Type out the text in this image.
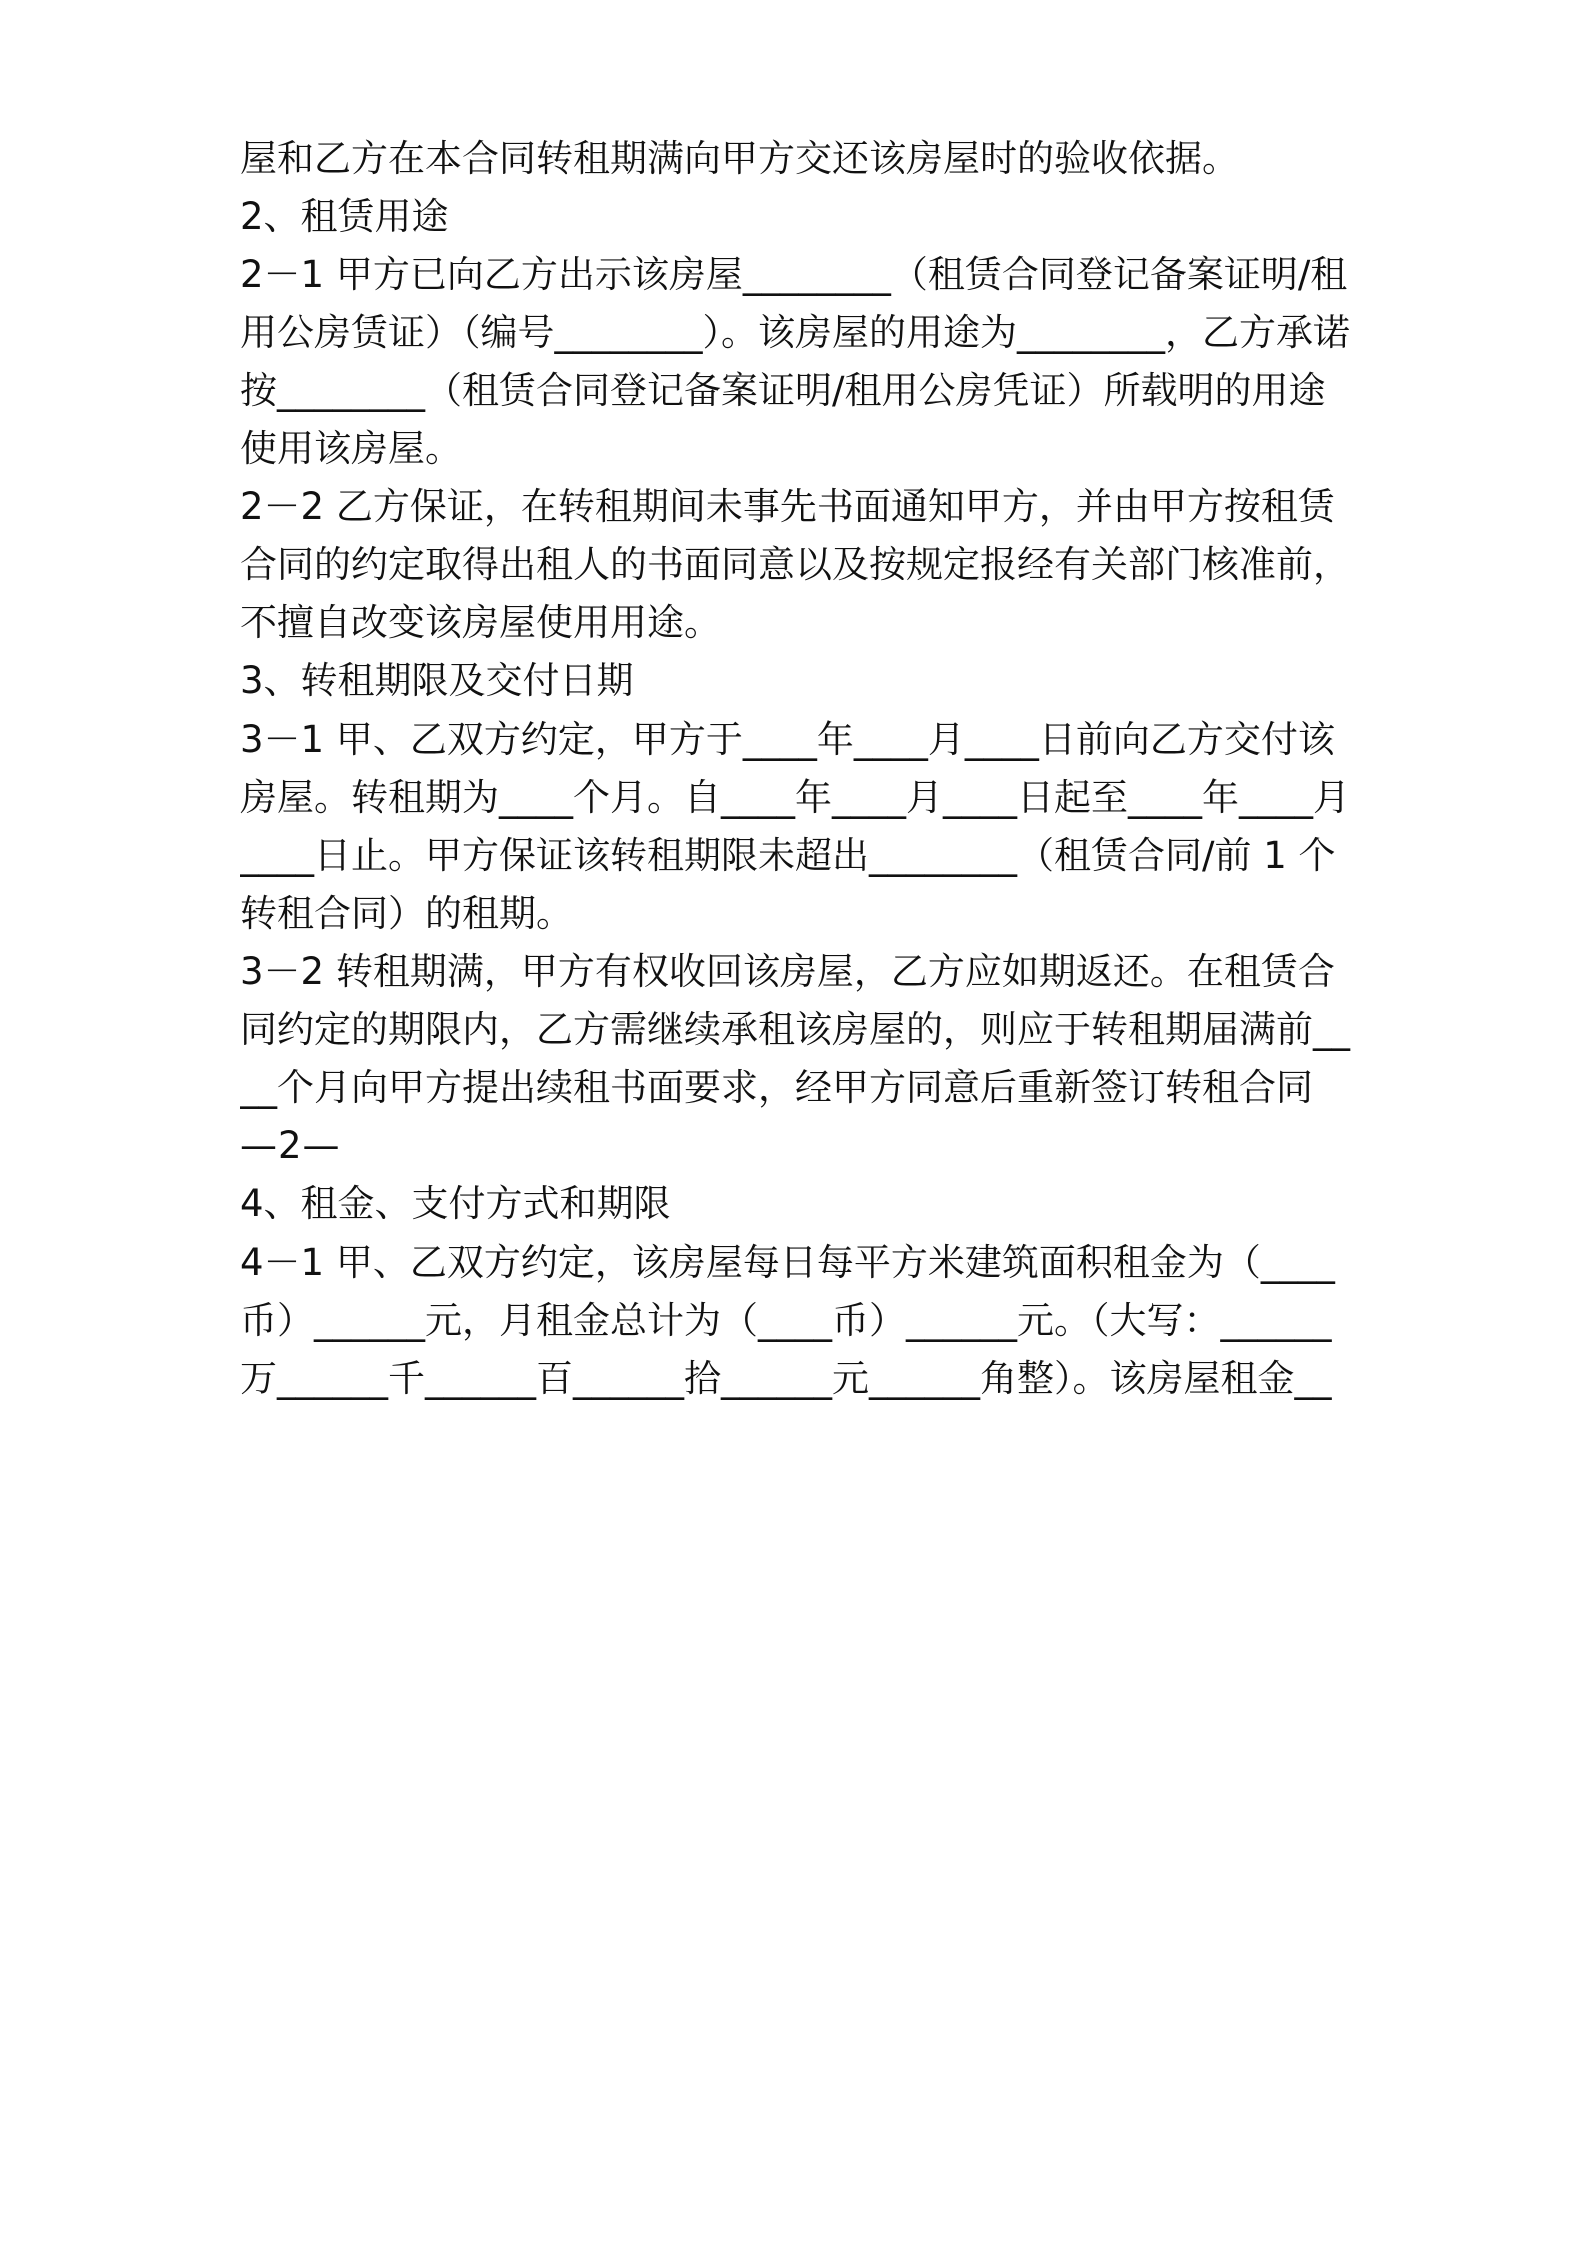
屋和乙方在本合同转租期满向甲方交还该房屋时的验收依据。

2、租赁用途

2－1 甲方已向乙方出示该房屋________（租赁合同登记备案证明/租

用公房赁证）（编号________）。该房屋的用途为________，乙方承诺

按________（租赁合同登记备案证明/租用公房凭证）所载明的用途

使用该房屋。

2－2 乙方保证，在转租期间未事先书面通知甲方，并由甲方按租赁

合同的约定取得出租人的书面同意以及按规定报经有关部门核准前，

不擅自改变该房屋使用用途。

3、转租期限及交付日期

3－1 甲、乙双方约定，甲方于____年____月____日前向乙方交付该

房屋。转租期为____个月。自____年____月____日起至____年____月

____日止。甲方保证该转租期限未超出________（租赁合同/前 1 个

转租合同）的租期。

3－2 转租期满，甲方有权收回该房屋，乙方应如期返还。在租赁合

同约定的期限内，乙方需继续承租该房屋的，则应于转租期届满前__

__个月向甲方提出续租书面要求，经甲方同意后重新签订转租合同

—2—

4、租金、支付方式和期限

4－1 甲、乙双方约定，该房屋每日每平方米建筑面积租金为（____

币）______元，月租金总计为（____币）______元。（大写：______

万______千______百______拾______元______角整）。该房屋租金__
